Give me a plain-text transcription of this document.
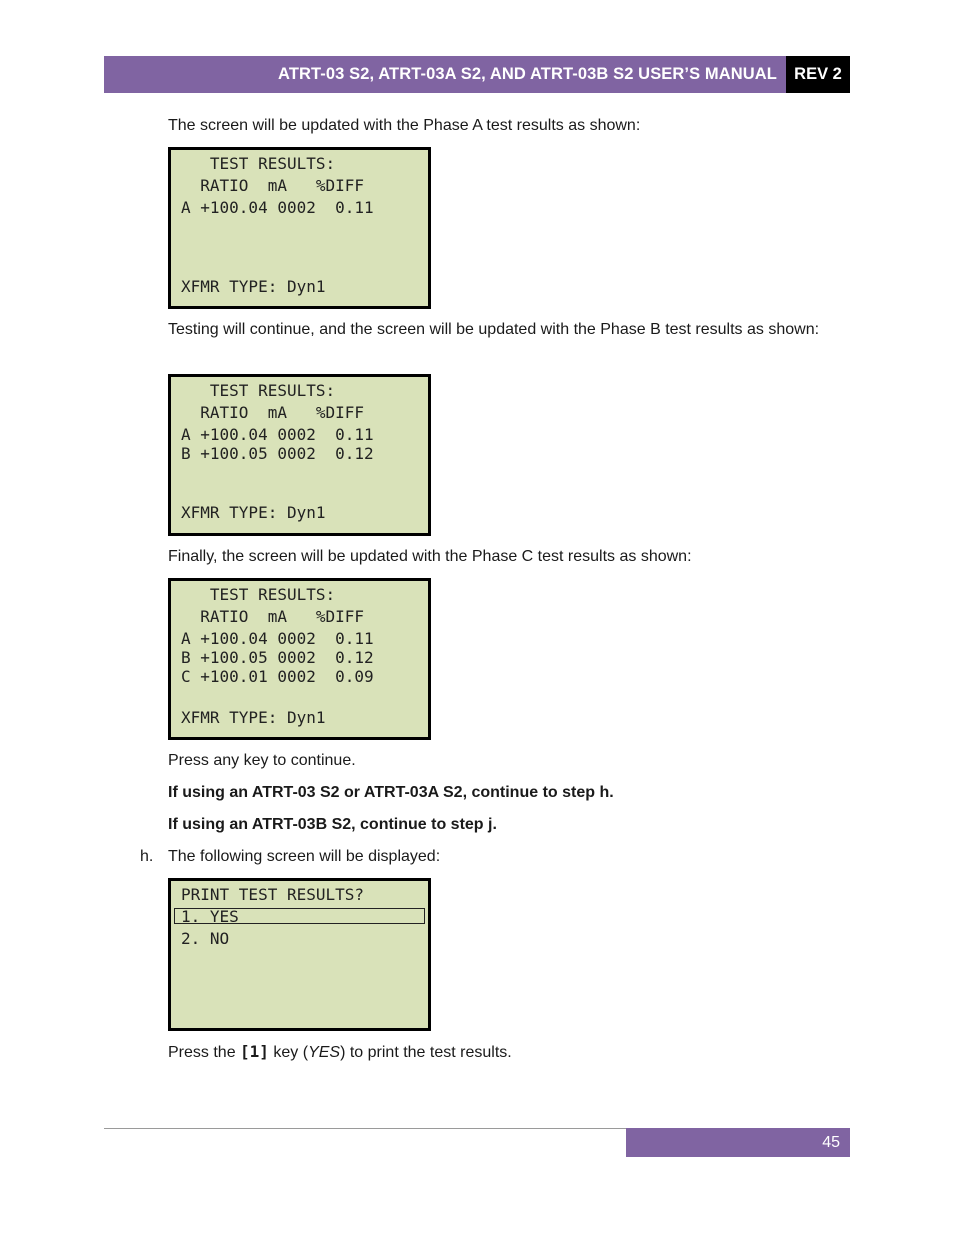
ATRT-03 S2, ATRT-03A S2, AND ATRT-03B S2 USER’S MANUAL	REV 2

The screen will be updated with the Phase A test results as shown:

TEST RESULTS:
RATIO  mA   %DIFF
A +100.04 0002  0.11
XFMR TYPE: Dyn1

Testing will continue, and the screen will be updated with the Phase B test results as shown:

TEST RESULTS:
RATIO  mA   %DIFF
A +100.04 0002  0.11
B +100.05 0002  0.12
XFMR TYPE: Dyn1

Finally, the screen will be updated with the Phase C test results as shown:

TEST RESULTS:
RATIO  mA   %DIFF
A +100.04 0002  0.11
B +100.05 0002  0.12
C +100.01 0002  0.09
XFMR TYPE: Dyn1

Press any key to continue.

If using an ATRT-03 S2 or ATRT-03A S2, continue to step h.

If using an ATRT-03B S2, continue to step j.

h. The following screen will be displayed:

PRINT TEST RESULTS?
1. YES
2. NO

Press the [1] key (YES) to print the test results.

45
